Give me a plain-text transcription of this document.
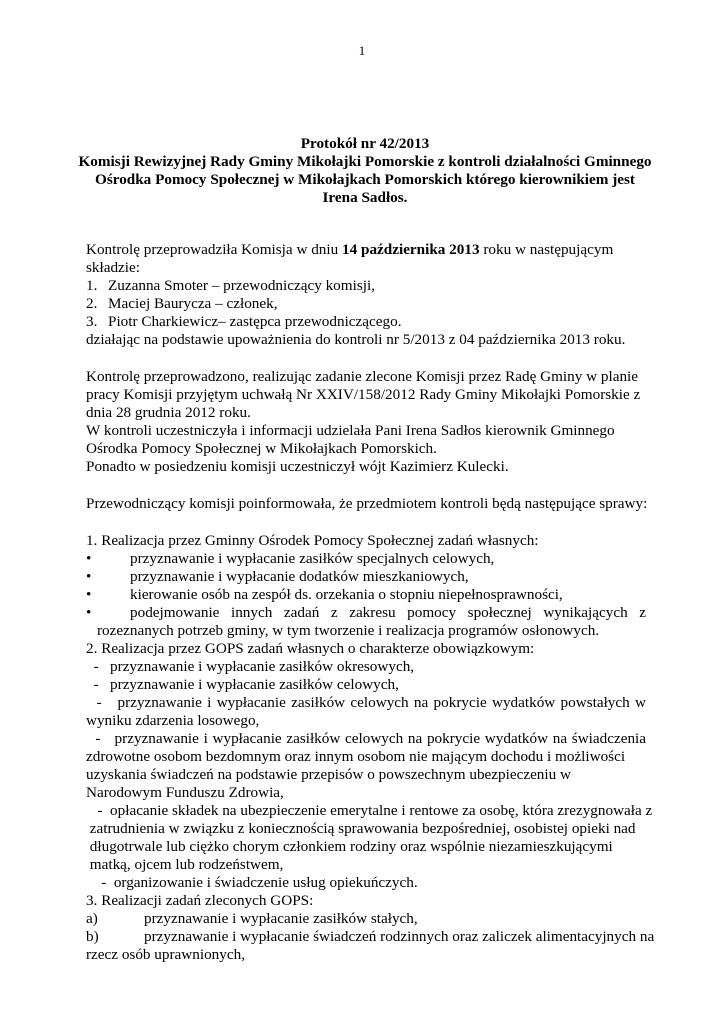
1
Protokół nr 42/2013
Komisji Rewizyjnej Rady Gminy Mikołajki Pomorskie z kontroli działalności Gminnego
Ośrodka Pomocy Społecznej w Mikołajkach Pomorskich którego kierownikiem jest
Irena Sadłos.
Kontrolę przeprowadziła Komisja w dniu 14 października 2013 roku w następującym
składzie:
1. Zuzanna Smoter – przewodniczący komisji,
2. Maciej Baurycza – członek,
3. Piotr Charkiewicz– zastępca przewodniczącego.
działając na podstawie upoważnienia do kontroli nr 5/2013 z 04 października 2013 roku.
Kontrolę przeprowadzono, realizując zadanie zlecone Komisji przez Radę Gminy w planie
pracy Komisji przyjętym uchwałą Nr XXIV/158/2012 Rady Gminy Mikołajki Pomorskie z
dnia 28 grudnia 2012 roku.
W kontroli uczestniczyła i informacji udzielała Pani Irena Sadłos kierownik Gminnego
Ośrodka Pomocy Społecznej w Mikołajkach Pomorskich.
Ponadto w posiedzeniu komisji uczestniczył wójt Kazimierz Kulecki.
Przewodniczący komisji poinformowała, że przedmiotem kontroli będą następujące sprawy:
1. Realizacja przez Gminny Ośrodek Pomocy Społecznej zadań własnych:
•	przyznawanie i wypłacanie zasiłków specjalnych celowych,
•	przyznawanie i wypłacanie dodatków mieszkaniowych,
•	kierowanie osób na zespół ds. orzekania o stopniu niepełnosprawności,
•	podejmowanie innych zadań z zakresu pomocy społecznej wynikających z
rozeznanych potrzeb gminy, w tym tworzenie i realizacja programów osłonowych.
2. Realizacja przez GOPS zadań własnych o charakterze obowiązkowym:
-   przyznawanie i wypłacanie zasiłków okresowych,
-   przyznawanie i wypłacanie zasiłków celowych,
-   przyznawanie i wypłacanie zasiłków celowych na pokrycie wydatków powstałych w
wyniku zdarzenia losowego,
-   przyznawanie i wypłacanie zasiłków celowych na pokrycie wydatków na świadczenia
zdrowotne osobom bezdomnym oraz innym osobom nie mającym dochodu i możliwości
uzyskania świadczeń na podstawie przepisów o powszechnym ubezpieczeniu w
Narodowym Funduszu Zdrowia,
-  opłacanie składek na ubezpieczenie emerytalne i rentowe za osobę, która zrezygnowała z
zatrudnienia w związku z koniecznością sprawowania bezpośredniej, osobistej opieki nad
długotrwale lub ciężko chorym członkiem rodziny oraz wspólnie niezamieszkującymi
matką, ojcem lub rodzeństwem,
-  organizowanie i świadczenie usług opiekuńczych.
3. Realizacji zadań zleconych GOPS:
a)	przyznawanie i wypłacanie zasiłków stałych,
b)	przyznawanie i wypłacanie świadczeń rodzinnych oraz zaliczek alimentacyjnych na
rzecz osób uprawnionych,
